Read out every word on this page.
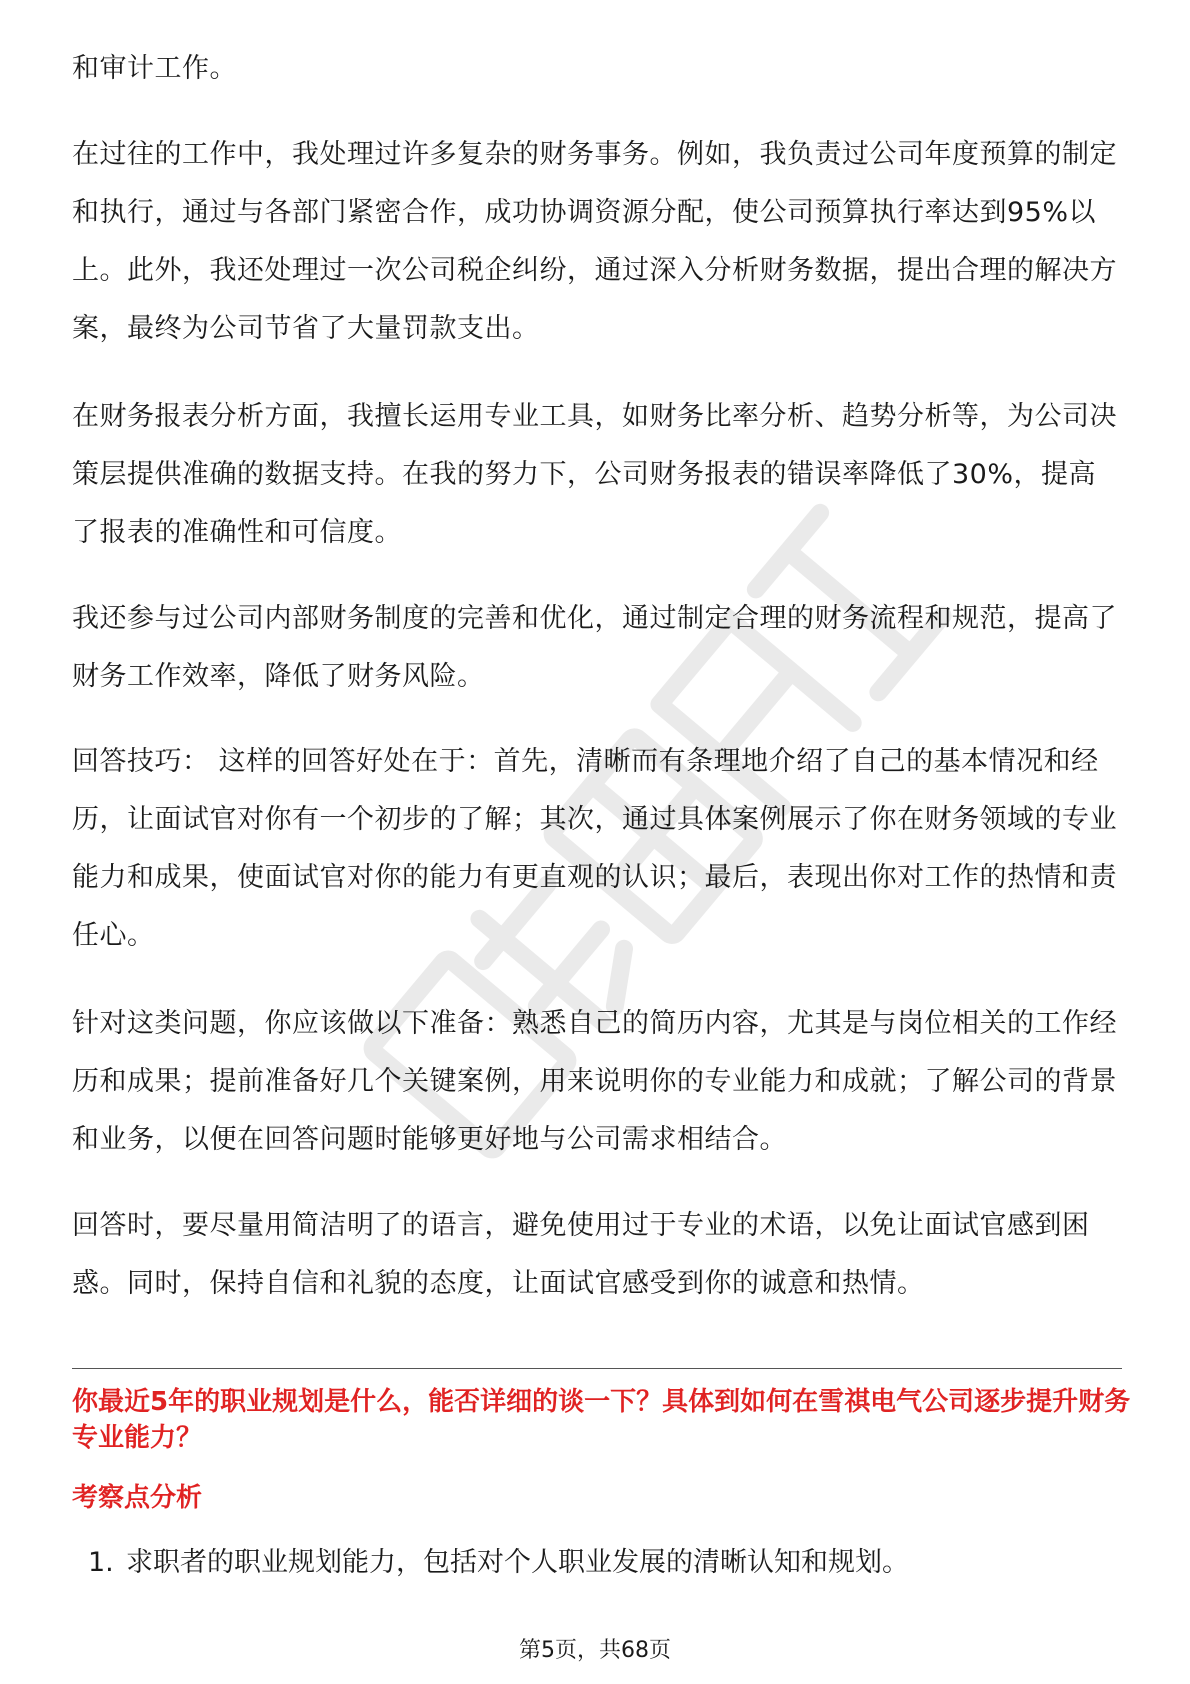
和审计工作。

在过往的工作中，我处理过许多复杂的财务事务。例如，我负责过公司年度预算的制定和执行，通过与各部门紧密合作，成功协调资源分配，使公司预算执行率达到95%以上。此外，我还处理过一次公司税企纠纷，通过深入分析财务数据，提出合理的解决方案，最终为公司节省了大量罚款支出。

在财务报表分析方面，我擅长运用专业工具，如财务比率分析、趋势分析等，为公司决策层提供准确的数据支持。在我的努力下，公司财务报表的错误率降低了30%，提高了报表的准确性和可信度。

我还参与过公司内部财务制度的完善和优化，通过制定合理的财务流程和规范，提高了财务工作效率，降低了财务风险。

回答技巧： 这样的回答好处在于：首先，清晰而有条理地介绍了自己的基本情况和经历，让面试官对你有一个初步的了解；其次，通过具体案例展示了你在财务领域的专业能力和成果，使面试官对你的能力有更直观的认识；最后，表现出你对工作的热情和责任心。

针对这类问题，你应该做以下准备：熟悉自己的简历内容，尤其是与岗位相关的工作经历和成果；提前准备好几个关键案例，用来说明你的专业能力和成就；了解公司的背景和业务，以便在回答问题时能够更好地与公司需求相结合。

回答时，要尽量用简洁明了的语言，避免使用过于专业的术语，以免让面试官感到困惑。同时，保持自信和礼貌的态度，让面试官感受到你的诚意和热情。

你最近5年的职业规划是什么，能否详细的谈一下？具体到如何在雪祺电气公司逐步提升财务专业能力？
考察点分析
1. 求职者的职业规划能力，包括对个人职业发展的清晰认知和规划。
第5页，共68页
